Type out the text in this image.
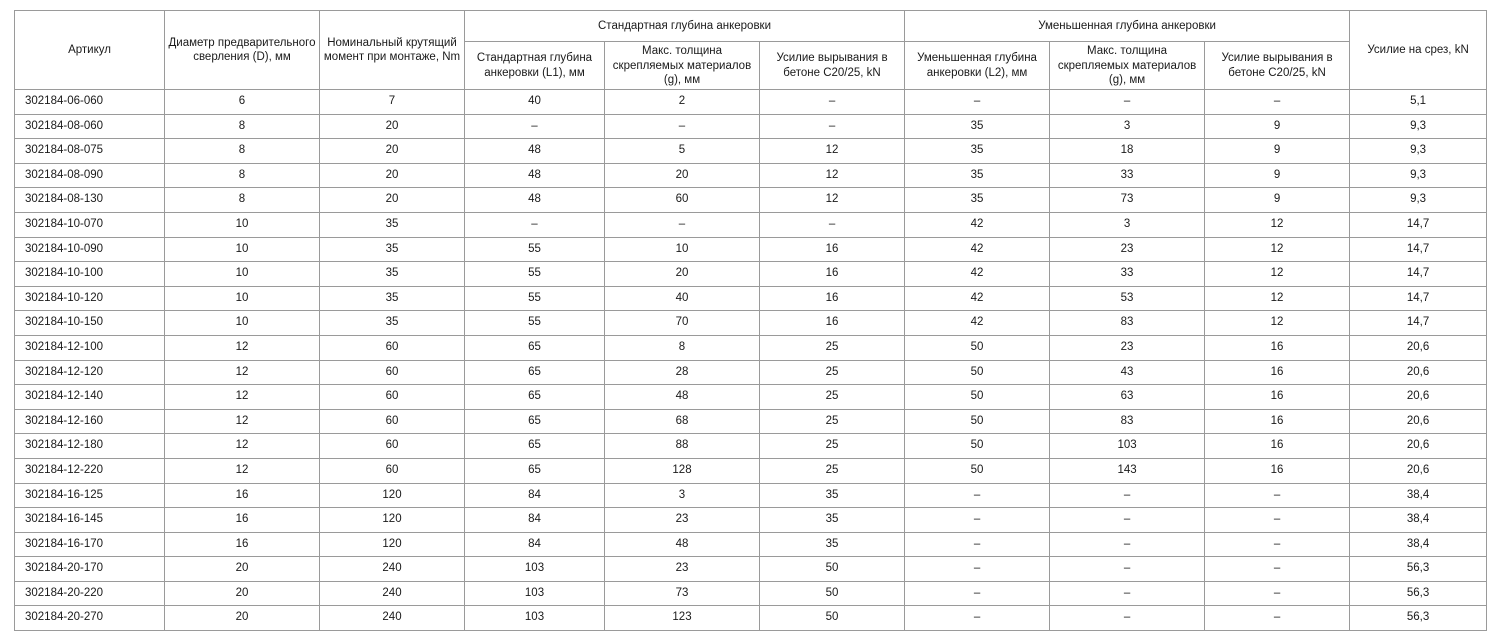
Артикул	Диаметр предварительного сверления (D), мм	Номинальный крутящий момент при монтаже, Nm	Стандартная глубина анкеровки			Уменьшенная глубина анкеровки			Усилие на срез, kN
			Стандартная глубина анкеровки (L1), мм	Макс. толщина скрепляемых материалов (g), мм	Усилие вырывания в бетоне С20/25, kN	Уменьшенная глубина анкеровки (L2), мм	Макс. толщина скрепляемых материалов (g), мм	Усилие вырывания в бетоне С20/25, kN	
302184-06-060	6	7	40	2	–	–	–	–	5,1
302184-08-060	8	20	–	–	–	35	3	9	9,3
302184-08-075	8	20	48	5	12	35	18	9	9,3
302184-08-090	8	20	48	20	12	35	33	9	9,3
302184-08-130	8	20	48	60	12	35	73	9	9,3
302184-10-070	10	35	–	–	–	42	3	12	14,7
302184-10-090	10	35	55	10	16	42	23	12	14,7
302184-10-100	10	35	55	20	16	42	33	12	14,7
302184-10-120	10	35	55	40	16	42	53	12	14,7
302184-10-150	10	35	55	70	16	42	83	12	14,7
302184-12-100	12	60	65	8	25	50	23	16	20,6
302184-12-120	12	60	65	28	25	50	43	16	20,6
302184-12-140	12	60	65	48	25	50	63	16	20,6
302184-12-160	12	60	65	68	25	50	83	16	20,6
302184-12-180	12	60	65	88	25	50	103	16	20,6
302184-12-220	12	60	65	128	25	50	143	16	20,6
302184-16-125	16	120	84	3	35	–	–	–	38,4
302184-16-145	16	120	84	23	35	–	–	–	38,4
302184-16-170	16	120	84	48	35	–	–	–	38,4
302184-20-170	20	240	103	23	50	–	–	–	56,3
302184-20-220	20	240	103	73	50	–	–	–	56,3
302184-20-270	20	240	103	123	50	–	–	–	56,3
